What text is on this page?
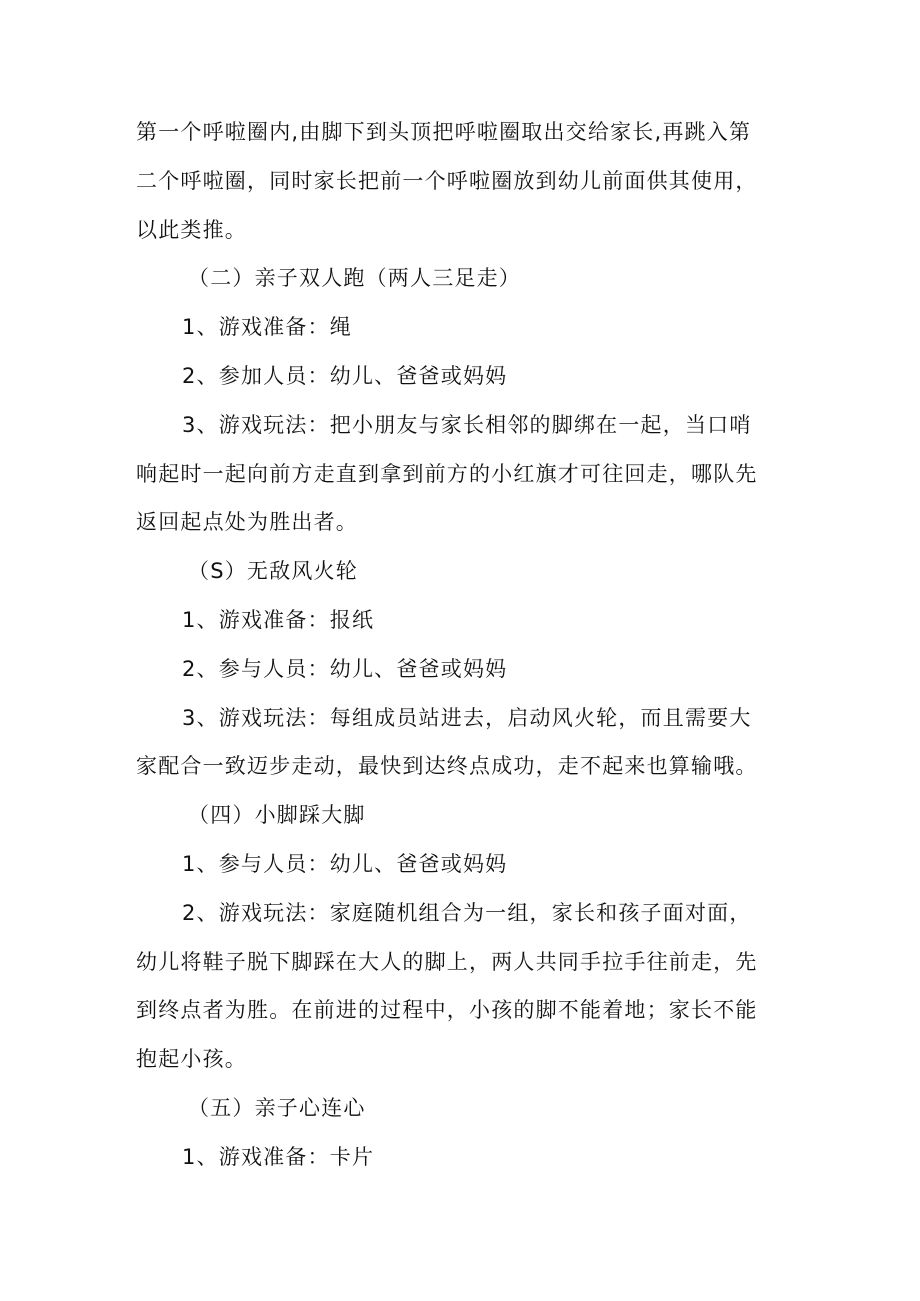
第一个呼啦圈内,由脚下到头顶把呼啦圈取出交给家长,再跳入第
二个呼啦圈，同时家长把前一个呼啦圈放到幼儿前面供其使用，
以此类推。
（二）亲子双人跑（两人三足走）
1、游戏准备：绳
2、参加人员：幼儿、爸爸或妈妈
3、游戏玩法：把小朋友与家长相邻的脚绑在一起，当口哨
响起时一起向前方走直到拿到前方的小红旗才可往回走，哪队先
返回起点处为胜出者。
（S）无敌风火轮
1、游戏准备：报纸
2、参与人员：幼儿、爸爸或妈妈
3、游戏玩法：每组成员站进去，启动风火轮，而且需要大
家配合一致迈步走动，最快到达终点成功，走不起来也算输哦。
（四）小脚踩大脚
1、参与人员：幼儿、爸爸或妈妈
2、游戏玩法：家庭随机组合为一组，家长和孩子面对面，
幼儿将鞋子脱下脚踩在大人的脚上，两人共同手拉手往前走，先
到终点者为胜。在前进的过程中，小孩的脚不能着地；家长不能
抱起小孩。
（五）亲子心连心
1、游戏准备：卡片
